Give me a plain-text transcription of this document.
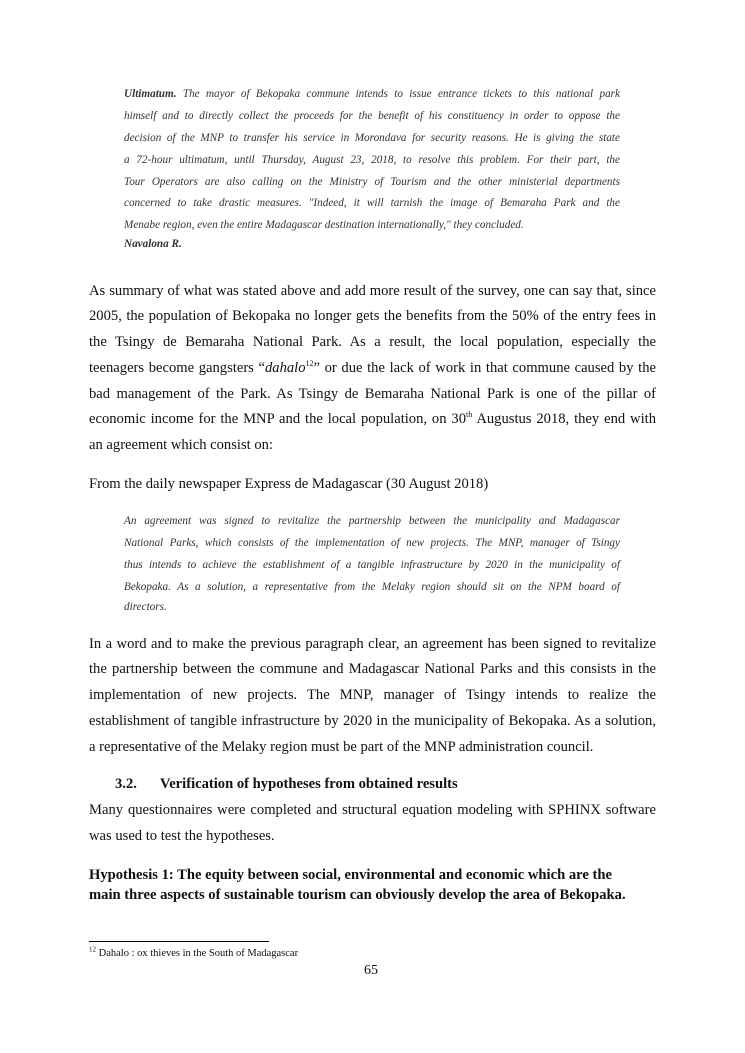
Ultimatum. The mayor of Bekopaka commune intends to issue entrance tickets to this national park
himself and to directly collect the proceeds for the benefit of his constituency in order to oppose the
decision of the MNP to transfer his service in Morondava for security reasons. He is giving the state
a 72-hour ultimatum, until Thursday, August 23, 2018, to resolve this problem. For their part, the
Tour Operators are also calling on the Ministry of Tourism and the other ministerial departments
concerned to take drastic measures. "Indeed, it will tarnish the image of Bemaraha Park and the
Menabe region, even the entire Madagascar destination internationally," they concluded.
Navalona R.
As summary of what was stated above and add more result of the survey, one can say that, since
2005, the population of Bekopaka no longer gets the benefits from the 50% of the entry fees in
the Tsingy de Bemaraha National Park. As a result, the local population, especially the
teenagers become gangsters “dahalo$^{12}$” or due the lack of work in that commune caused by the
bad management of the Park. As Tsingy de Bemaraha National Park is one of the pillar of
economic income for the MNP and the local population, on 30th Augustus 2018, they end with
an agreement which consist on:
From the daily newspaper Express de Madagascar (30 August 2018)
An agreement was signed to revitalize the partnership between the municipality and Madagascar
National Parks, which consists of the implementation of new projects. The MNP, manager of Tsingy
thus intends to achieve the establishment of a tangible infrastructure by 2020 in the municipality of
Bekopaka. As a solution, a representative from the Melaky region should sit on the NPM board of
directors.
In a word and to make the previous paragraph clear, an agreement has been signed to revitalize
the partnership between the commune and Madagascar National Parks and this consists in the
implementation of new projects. The MNP, manager of Tsingy intends to realize the
establishment of tangible infrastructure by 2020 in the municipality of Bekopaka. As a solution,
a representative of the Melaky region must be part of the MNP administration council.
3.2. Verification of hypotheses from obtained results
Many questionnaires were completed and structural equation modeling with SPHINX software
was used to test the hypotheses.
Hypothesis 1: The equity between social, environmental and economic which are the
main three aspects of sustainable tourism can obviously develop the area of Bekopaka.
$^{12}$ Dahalo : ox thieves in the South of Madagascar
65
